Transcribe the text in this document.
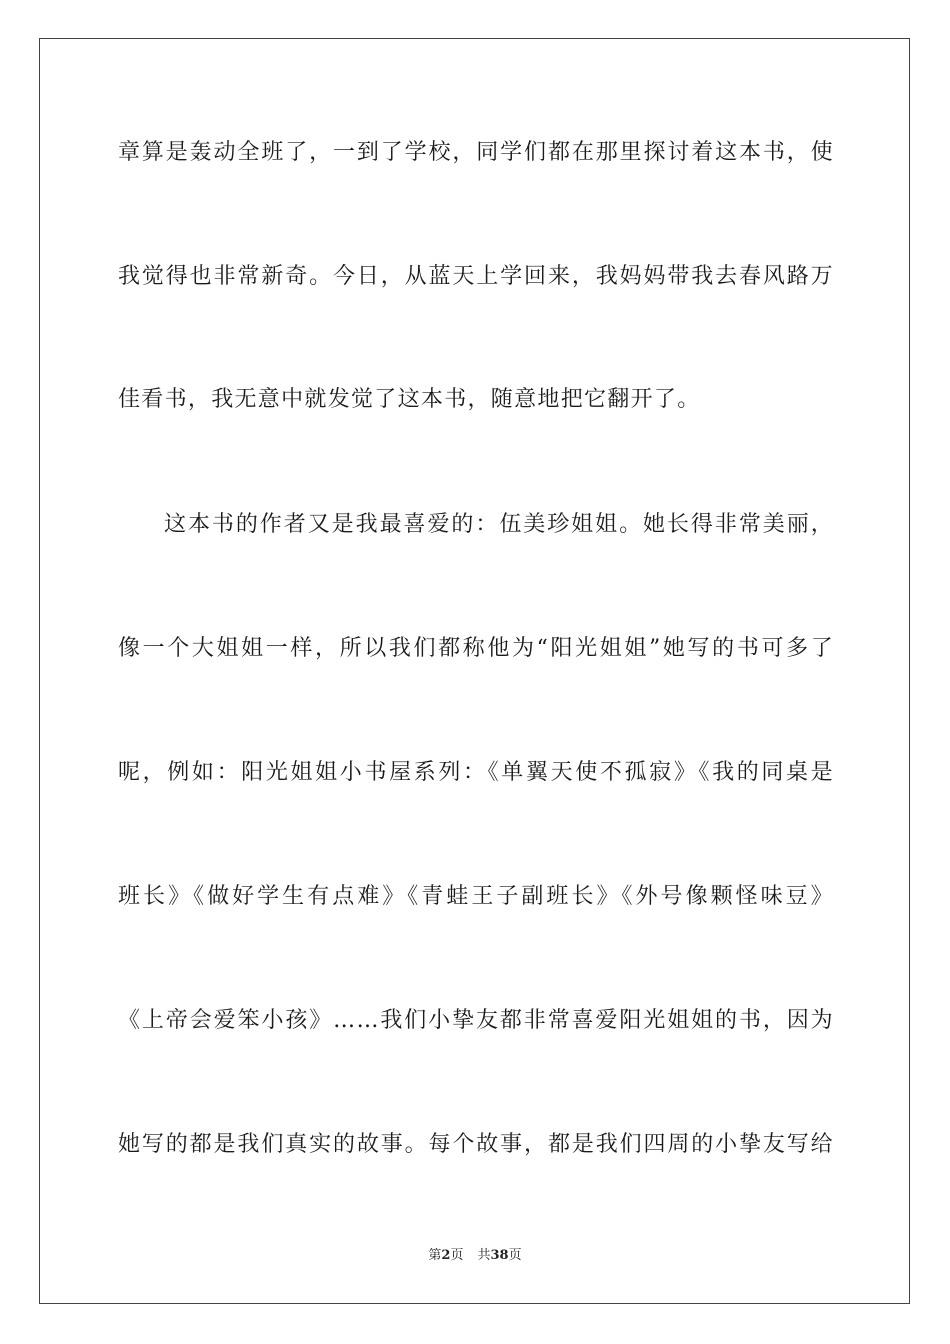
章算是轰动全班了，一到了学校，同学们都在那里探讨着这本书，使
我觉得也非常新奇。今日，从蓝天上学回来，我妈妈带我去春风路万
佳看书，我无意中就发觉了这本书，随意地把它翻开了。
这本书的作者又是我最喜爱的：伍美珍姐姐。她长得非常美丽，
像一个大姐姐一样，所以我们都称他为“阳光姐姐”她写的书可多了
呢，例如：阳光姐姐小书屋系列：《单翼天使不孤寂》《我的同桌是
班长》《做好学生有点难》《青蛙王子副班长》《外号像颗怪味豆》
《上帝会爱笨小孩》……我们小挚友都非常喜爱阳光姐姐的书，因为
她写的都是我们真实的故事。每个故事，都是我们四周的小挚友写给
第2页 共38页
